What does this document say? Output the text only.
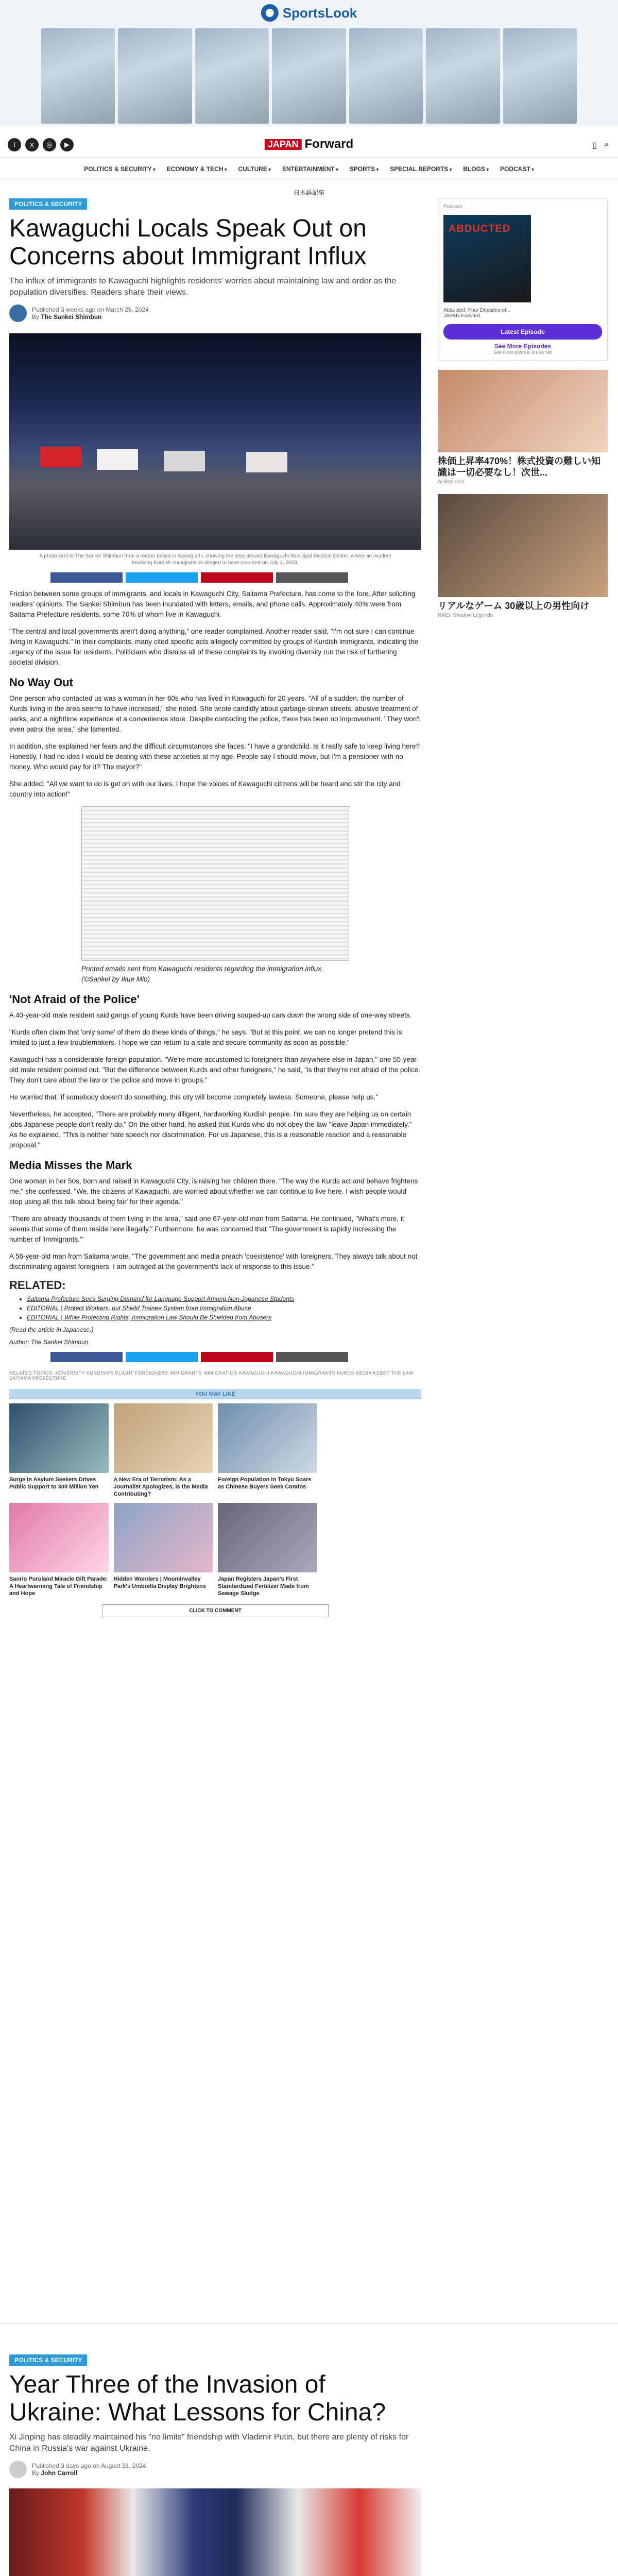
SportsLook
f	X	◎	▶	JAPAN Forward	▯ ⌕
POLITICS & SECURITY ▾	ECONOMY & TECH ▾	CULTURE ▾	ENTERTAINMENT ▾	SPORTS ▾	SPECIAL REPORTS ▾	BLOGS ▾	PODCAST ▾
日本語記事
POLITICS & SECURITY
Kawaguchi Locals Speak Out on Concerns about Immigrant Influx

The influx of immigrants to Kawaguchi highlights residents' worries about maintaining law and order as the population diversifies. Readers share their views.

Published 3 weeks ago on March 25, 2024
By The Sankei Shimbun

A photo sent to The Sankei Shimbun from a reader based in Kawaguchi, showing the area around Kawaguchi Municipal Medical Center, where an incident involving Kurdish immigrants is alleged to have occurred on July 4, 2023.

Friction between some groups of immigrants, and locals in Kawaguchi City, Saitama Prefecture, has come to the fore. After soliciting readers' opinions, The Sankei Shimbun has been inundated with letters, emails, and phone calls. Approximately 40% were from Saitama Prefecture residents, some 70% of whom live in Kawaguchi.

"The central and local governments aren't doing anything," one reader complained. Another reader said, "I'm not sure I can continue living in Kawaguchi." In their complaints, many cited specific acts allegedly committed by groups of Kurdish immigrants, indicating the urgency of the issue for residents. Politicians who dismiss all of these complaints by invoking diversity run the risk of furthering societal division.

No Way Out

One person who contacted us was a woman in her 60s who has lived in Kawaguchi for 20 years. "All of a sudden, the number of Kurds living in the area seems to have increased," she noted. She wrote candidly about garbage-strewn streets, abusive treatment of parks, and a nighttime experience at a convenience store. Despite contacting the police, there has been no improvement. "They won't even patrol the area," she lamented.

In addition, she explained her fears and the difficult circumstances she faces: "I have a grandchild. Is it really safe to keep living here? Honestly, I had no idea I would be dealing with these anxieties at my age. People say I should move, but I'm a pensioner with no money. Who would pay for it? The mayor?"

She added, "All we want to do is get on with our lives. I hope the voices of Kawaguchi citizens will be heard and stir the city and country into action!"

Printed emails sent from Kawaguchi residents regarding the immigration influx. (©Sankei by Ikue Mio)

'Not Afraid of the Police'

A 40-year-old male resident said gangs of young Kurds have been driving souped-up cars down the wrong side of one-way streets.

"Kurds often claim that 'only some' of them do these kinds of things," he says. "But at this point, we can no longer pretend this is limited to just a few troublemakers. I hope we can return to a safe and secure community as soon as possible."

Kawaguchi has a considerable foreign population. "We're more accustomed to foreigners than anywhere else in Japan," one 55-year-old male resident pointed out. "But the difference between Kurds and other foreigners," he said, "is that they're not afraid of the police. They don't care about the law or the police and move in groups."

He worried that "if somebody doesn't do something, this city will become completely lawless. Someone, please help us."

Nevertheless, he accepted, "There are probably many diligent, hardworking Kurdish people. I'm sure they are helping us on certain jobs Japanese people don't really do." On the other hand, he asked that Kurds who do not obey the law "leave Japan immediately." As he explained, "This is neither hate speech nor discrimination. For us Japanese, this is a reasonable reaction and a reasonable proposal."

Media Misses the Mark

One woman in her 50s, born and raised in Kawaguchi City, is raising her children there. "The way the Kurds act and behave frightens me," she confessed. "We, the citizens of Kawaguchi, are worried about whether we can continue to live here. I wish people would stop using all this talk about 'being fair' for their agenda."

"There are already thousands of them living in the area," said one 67-year-old man from Saitama. He continued, "What's more, it seems that some of them reside here illegally." Furthermore, he was concerned that "The government is rapidly increasing the number of 'immigrants.'"

A 56-year-old man from Saitama wrote, "The government and media preach 'coexistence' with foreigners. They always talk about not discriminating against foreigners. I am outraged at the government's lack of response to this issue."

RELATED:
• Saitama Prefecture Sees Surging Demand for Language Support Among Non-Japanese Students
• EDITORIAL | Protect Workers, but Shield Trainee System from Immigration Abuse
• EDITORIAL | While Protecting Rights, Immigration Law Should Be Shielded from Abusers

(Read the article in Japanese.)

Author: The Sankei Shimbun

RELATED TOPICS: #DIVERSITY KURDISH'S PLIGHT FOREIGNERS IMMIGRANTS IMMIGRATION KAWAGUCHI KAWAGUCHI IMMIGRANTS KURDS MEDIA KEBEY THE LAW SAITAMA PREFECTURE

YOU MAY LIKE
Surge in Asylum Seekers Drives Public Support to 300 Million Yen
A New Era of Terrorism: As a Journalist Apologizes, is the Media Contributing?
Foreign Population in Tokyo Soars as Chinese Buyers Seek Condos
Sanrio Puroland Miracle Gift Parade: A Heartwarming Tale of Friendship and Hope
Hidden Wonders | Moominvalley Park's Umbrella Display Brightens
Japan Registers Japan's First Standardized Fertilizer Made from Sewage Sludge
CLICK TO COMMENT
POLITICS & SECURITY
Year Three of the Invasion of Ukraine: What Lessons for China?

Xi Jinping has steadily maintained his "no limits" friendship with Vladimir Putin, but there are plenty of risks for China in Russia's war against Ukraine.

Published 3 days ago on August 31, 2024
By John Carroll

Podcast
ABDUCTED
Abducted: Four Decades of...
JAPAN Forward
Latest Episode
See More Episodes
See more posts in a new tab
株価上昇率470%！株式投資の難しい知識は一切必要なし！次世...
AI Robotics
リアルなゲーム 30歳以上の男性向け
RAID: Shadow Legends
